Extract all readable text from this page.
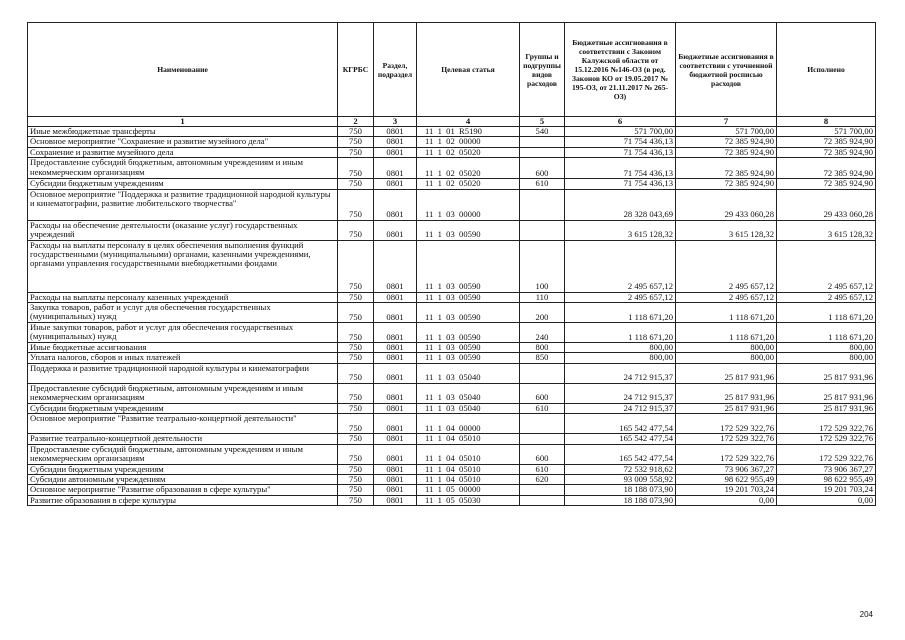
Наименование	КГРБС	Раздел, подраздел	Целевая статья	Группы и подгруппы видов расходов	Бюджетные ассигнования в соответствии с Законом Калужской области от 15.12.2016 №146-ОЗ (в ред. Законов КО от 19.05.2017 № 195-ОЗ, от 21.11.2017 № 265-ОЗ)	Бюджетные ассигнования в соответствии с уточненной бюджетной росписью расходов	Исполнено
1	2	3	4	5	6	7	8
Иные межбюджетные трансферты	750	0801	11  1  01  R5190	540	571 700,00	571 700,00	571 700,00
Основное мероприятие "Сохранение и развитие музейного дела"	750	0801	11  1  02  00000		71 754 436,13	72 385 924,90	72 385 924,90
Сохранение и развитие музейного дела	750	0801	11  1  02  05020		71 754 436,13	72 385 924,90	72 385 924,90
Предоставление субсидий бюджетным, автономным учреждениям и иным некоммерческим организациям	750	0801	11  1  02  05020	600	71 754 436,13	72 385 924,90	72 385 924,90
Субсидии бюджетным учреждениям	750	0801	11  1  02  05020	610	71 754 436,13	72 385 924,90	72 385 924,90
Основное мероприятие "Поддержка и развитие традиционной народной культуры и кинематографии, развитие любительского творчества"	750	0801	11  1  03  00000		28 328 043,69	29 433 060,28	29 433 060,28
Расходы на обеспечение деятельности (оказание услуг) государственных учреждений	750	0801	11  1  03  00590		3 615 128,32	3 615 128,32	3 615 128,32
Расходы на выплаты персоналу в целях обеспечения выполнения функций государственными (муниципальными) органами, казенными учреждениями, органами управления государственными внебюджетными фондами	750	0801	11  1  03  00590	100	2 495 657,12	2 495 657,12	2 495 657,12
Расходы на выплаты персоналу казенных учреждений	750	0801	11  1  03  00590	110	2 495 657,12	2 495 657,12	2 495 657,12
Закупка товаров, работ и услуг для обеспечения государственных (муниципальных) нужд	750	0801	11  1  03  00590	200	1 118 671,20	1 118 671,20	1 118 671,20
Иные закупки товаров, работ и услуг для обеспечения государственных (муниципальных) нужд	750	0801	11  1  03  00590	240	1 118 671,20	1 118 671,20	1 118 671,20
Иные бюджетные ассигнования	750	0801	11  1  03  00590	800	800,00	800,00	800,00
Уплата налогов, сборов и иных платежей	750	0801	11  1  03  00590	850	800,00	800,00	800,00
Поддержка и развитие традиционной народной культуры и кинематографии	750	0801	11  1  03  05040		24 712 915,37	25 817 931,96	25 817 931,96
Предоставление субсидий бюджетным, автономным учреждениям и иным некоммерческим организациям	750	0801	11  1  03  05040	600	24 712 915,37	25 817 931,96	25 817 931,96
Субсидии бюджетным учреждениям	750	0801	11  1  03  05040	610	24 712 915,37	25 817 931,96	25 817 931,96
Основное мероприятие "Развитие театрально-концертной деятельности"	750	0801	11  1  04  00000		165 542 477,54	172 529 322,76	172 529 322,76
Развитие театрально-концертной деятельности	750	0801	11  1  04  05010		165 542 477,54	172 529 322,76	172 529 322,76
Предоставление субсидий бюджетным, автономным учреждениям и иным некоммерческим организациям	750	0801	11  1  04  05010	600	165 542 477,54	172 529 322,76	172 529 322,76
Субсидии бюджетным учреждениям	750	0801	11  1  04  05010	610	72 532 918,62	73 906 367,27	73 906 367,27
Субсидии автономным учреждениям	750	0801	11  1  04  05010	620	93 009 558,92	98 622 955,49	98 622 955,49
Основное мероприятие "Развитие образования в сфере культуры"	750	0801	11  1  05  00000		18 188 073,90	19 201 703,24	19 201 703,24
Развитие образования в сфере культуры	750	0801	11  1  05  05030		18 188 073,90	0,00	0,00
204
